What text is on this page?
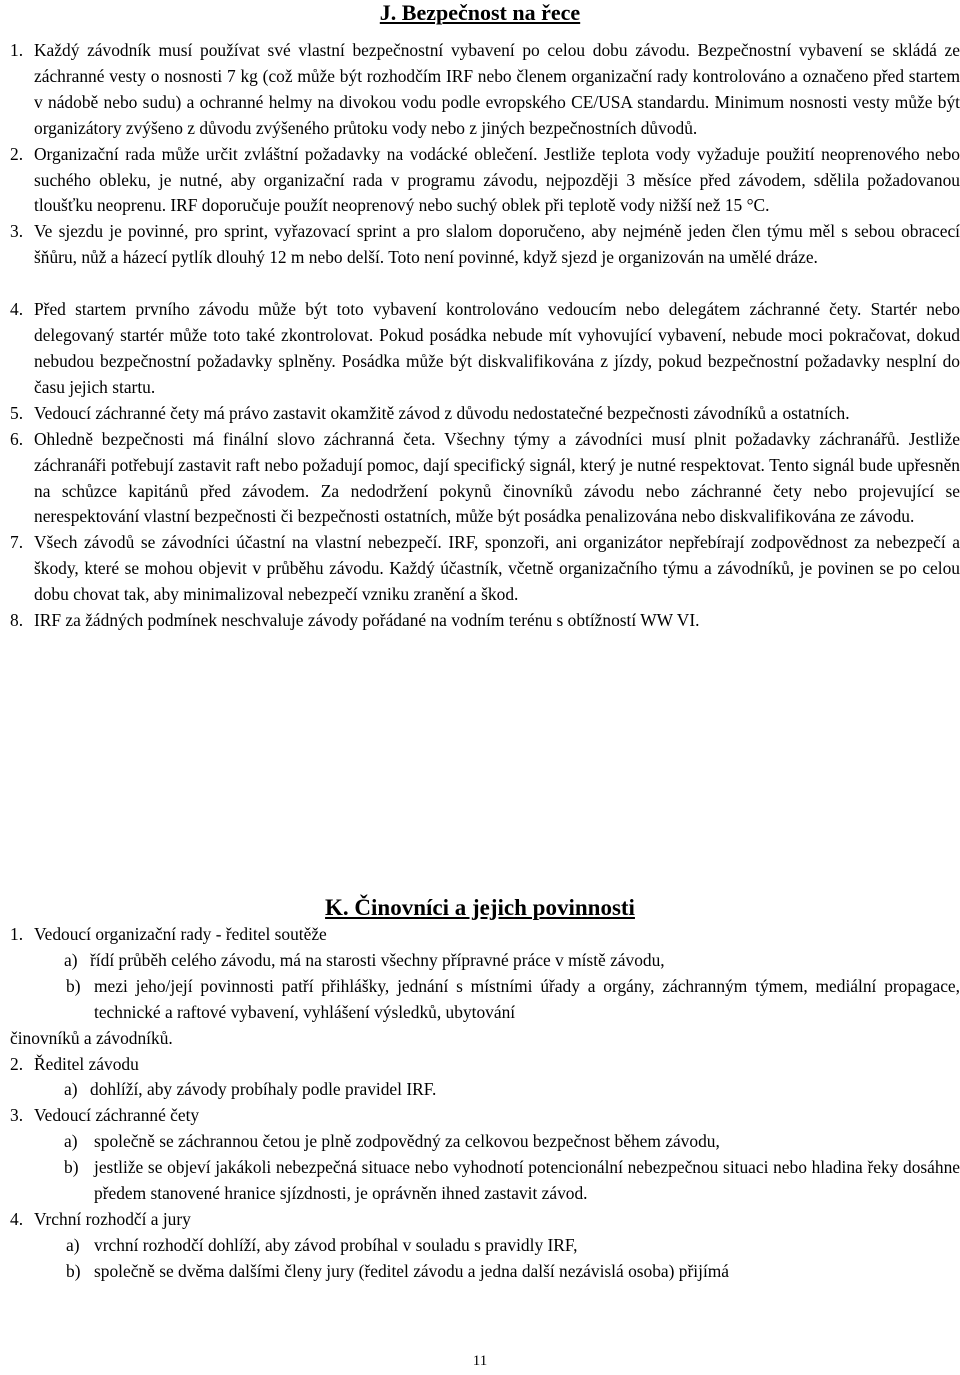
J. Bezpečnost na řece
1. Každý závodník musí používat své vlastní bezpečnostní vybavení po celou dobu závodu. Bezpečnostní vybavení se skládá ze záchranné vesty o nosnosti 7 kg (což může být rozhodčím IRF nebo členem organizační rady kontrolováno a označeno před startem v nádobě nebo sudu) a ochranné helmy na divokou vodu podle evropského CE/USA standardu. Minimum nosnosti vesty může být organizátory zvýšeno z důvodu zvýšeného průtoku vody nebo z jiných bezpečnostních důvodů.
2. Organizační rada může určit zvláštní požadavky na vodácké oblečení. Jestliže teplota vody vyžaduje použití neoprenového nebo suchého obleku, je nutné, aby organizační rada v programu závodu, nejpozději 3 měsíce před závodem, sdělila požadovanou tloušťku neoprenu. IRF doporučuje použít neoprenový nebo suchý oblek při teplotě vody nižší než 15 °C.
3. Ve sjezdu je povinné, pro sprint, vyřazovací sprint a pro slalom doporučeno, aby nejméně jeden člen týmu měl s sebou obracecí šňůru, nůž a házecí pytlík dlouhý 12 m nebo delší. Toto není povinné, když sjezd je organizován na umělé dráze.
4. Před startem prvního závodu může být toto vybavení kontrolováno vedoucím nebo delegátem záchranné čety. Startér nebo delegovaný startér může toto také zkontrolovat. Pokud posádka nebude mít vyhovující vybavení, nebude moci pokračovat, dokud nebudou bezpečnostní požadavky splněny. Posádka může být diskvalifikována z jízdy, pokud bezpečnostní požadavky nesplní do času jejich startu.
5. Vedoucí záchranné čety má právo zastavit okamžitě závod z důvodu nedostatečné bezpečnosti závodníků a ostatních.
6. Ohledně bezpečnosti má finální slovo záchranná četa. Všechny týmy a závodníci musí plnit požadavky záchranářů. Jestliže záchranáři potřebují zastavit raft nebo požadují pomoc, dají specifický signál, který je nutné respektovat. Tento signál bude upřesněn na schůzce kapitánů před závodem. Za nedodržení pokynů činovníků závodu nebo záchranné čety nebo projevující se nerespektování vlastní bezpečnosti či bezpečnosti ostatních, může být posádka penalizována nebo diskvalifikována ze závodu.
7. Všech závodů se závodníci účastní na vlastní nebezpečí. IRF, sponzoři, ani organizátor nepřebírají zodpovědnost za nebezpečí a škody, které se mohou objevit v průběhu závodu. Každý účastník, včetně organizačního týmu a závodníků, je povinen se po celou dobu chovat tak, aby minimalizoval nebezpečí vzniku zranění a škod.
8. IRF za žádných podmínek neschvaluje závody pořádané na vodním terénu s obtížností WW VI.
K. Činovníci a jejich povinnosti
1. Vedoucí organizační rady - ředitel soutěže
a) řídí průběh celého závodu, má na starosti všechny přípravné práce v místě závodu,
b) mezi jeho/její povinnosti patří přihlášky, jednání s místními úřady a orgány, záchranným týmem, mediální propagace, technické a raftové vybavení, vyhlášení výsledků, ubytování
činovníků a závodníků.
2. Ředitel závodu
a) dohlíží, aby závody probíhaly podle pravidel IRF.
3. Vedoucí záchranné čety
a) společně se záchrannou četou je plně zodpovědný za celkovou bezpečnost během závodu,
b) jestliže se objeví jakákoli nebezpečná situace nebo vyhodnotí potencionální nebezpečnou situaci nebo hladina řeky dosáhne předem stanovené hranice sjízdnosti, je oprávněn ihned zastavit závod.
4. Vrchní rozhodčí a jury
a) vrchní rozhodčí dohlíží, aby závod probíhal v souladu s pravidly IRF,
b) společně se dvěma dalšími členy jury (ředitel závodu a jedna další nezávislá osoba) přijímá
11
